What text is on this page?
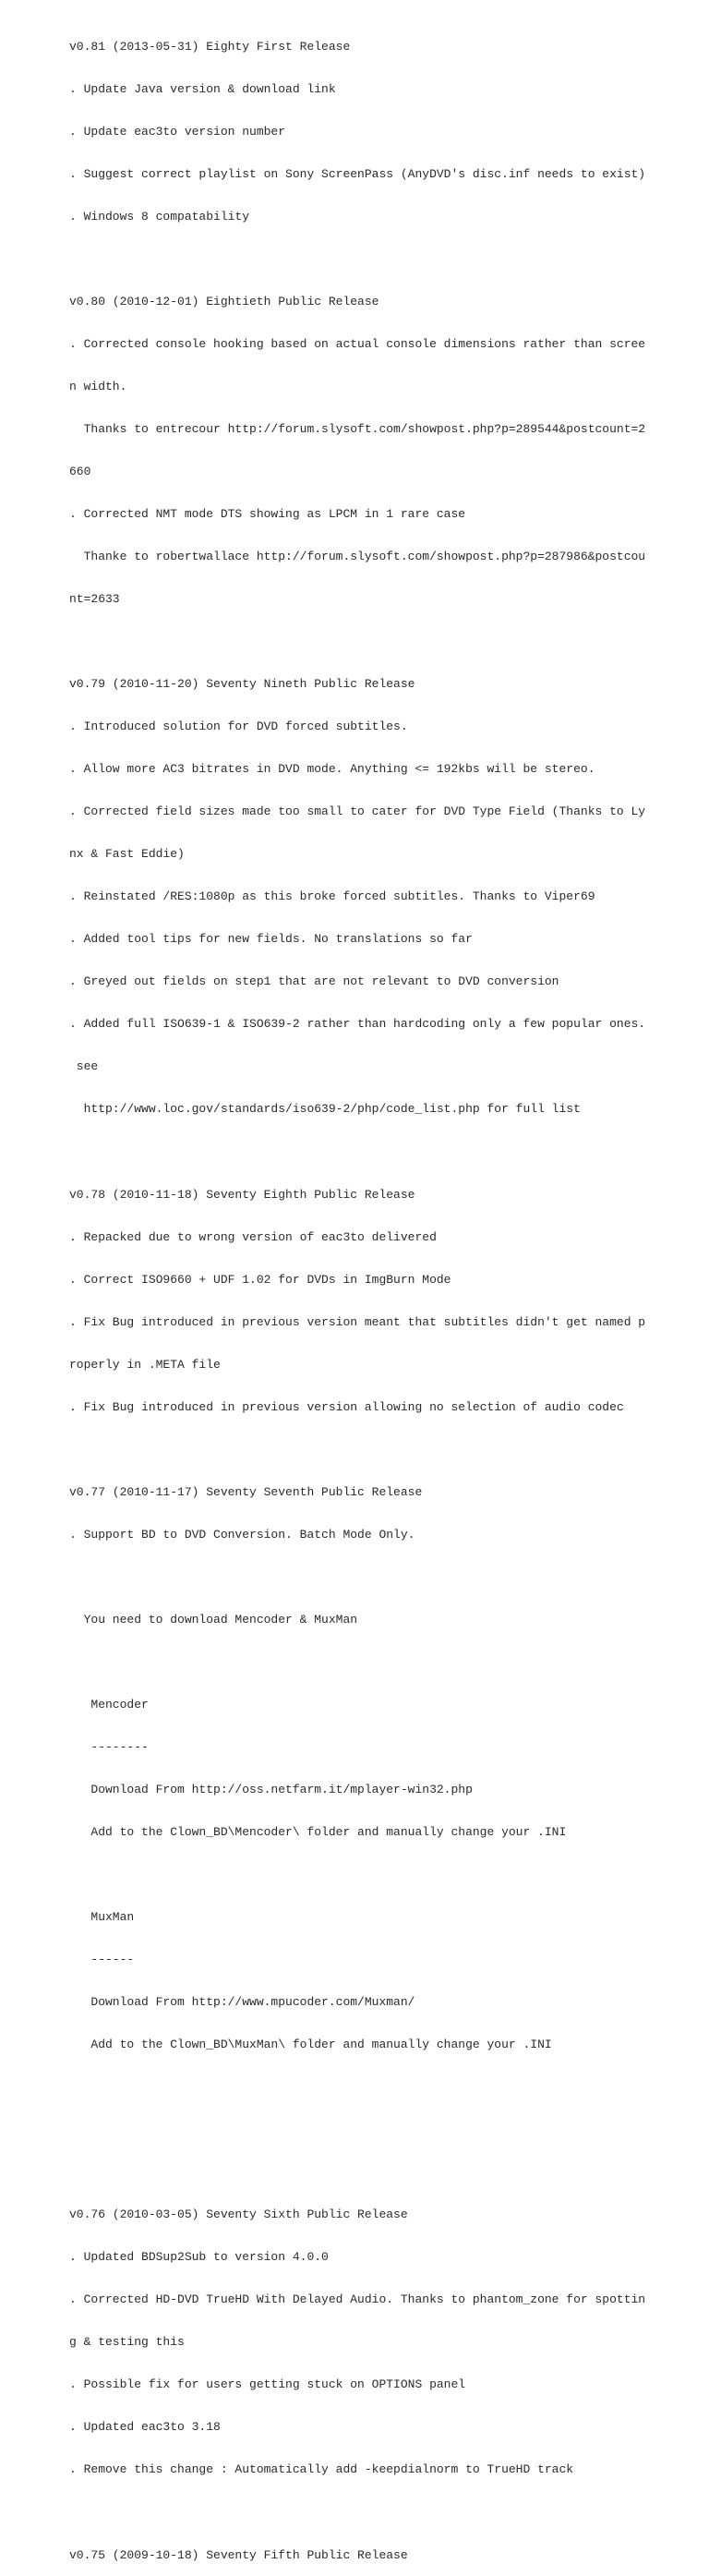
v0.81 (2013-05-31) Eighty First Release

. Update Java version & download link

. Update eac3to version number

. Suggest correct playlist on Sony ScreenPass (AnyDVD's disc.inf needs to exist)

. Windows 8 compatability

v0.80 (2010-12-01) Eightieth Public Release

. Corrected console hooking based on actual console dimensions rather than scree

n width.

Thanks to entrecour http://forum.slysoft.com/showpost.php?p=289544&postcount=2

660

. Corrected NMT mode DTS showing as LPCM in 1 rare case

Thanke to robertwallace http://forum.slysoft.com/showpost.php?p=287986&postcou

nt=2633

v0.79 (2010-11-20) Seventy Nineth Public Release

. Introduced solution for DVD forced subtitles.

. Allow more AC3 bitrates in DVD mode. Anything <= 192kbs will be stereo.

. Corrected field sizes made too small to cater for DVD Type Field (Thanks to Ly

nx & Fast Eddie)

. Reinstated /RES:1080p as this broke forced subtitles. Thanks to Viper69

. Added tool tips for new fields. No translations so far

. Greyed out fields on step1 that are not relevant to DVD conversion

. Added full ISO639-1 & ISO639-2 rather than hardcoding only a few popular ones.

see

http://www.loc.gov/standards/iso639-2/php/code_list.php for full list

v0.78 (2010-11-18) Seventy Eighth Public Release

. Repacked due to wrong version of eac3to delivered

. Correct ISO9660 + UDF 1.02 for DVDs in ImgBurn Mode

. Fix Bug introduced in previous version meant that subtitles didn't get named p

roperly in .META file

. Fix Bug introduced in previous version allowing no selection of audio codec

v0.77 (2010-11-17) Seventy Seventh Public Release

. Support BD to DVD Conversion. Batch Mode Only.

You need to download Mencoder & MuxMan

Mencoder

--------

Download From http://oss.netfarm.it/mplayer-win32.php

Add to the Clown_BD\Mencoder\ folder and manually change your .INI

MuxMan

------

Download From http://www.mpucoder.com/Muxman/

Add to the Clown_BD\MuxMan\ folder and manually change your .INI

v0.76 (2010-03-05) Seventy Sixth Public Release

. Updated BDSup2Sub to version 4.0.0

. Corrected HD-DVD TrueHD With Delayed Audio. Thanks to phantom_zone for spottin

g & testing this

. Possible fix for users getting stuck on OPTIONS panel

. Updated eac3to 3.18

. Remove this change : Automatically add -keepdialnorm to TrueHD track

v0.75 (2009-10-18) Seventy Fifth Public Release
